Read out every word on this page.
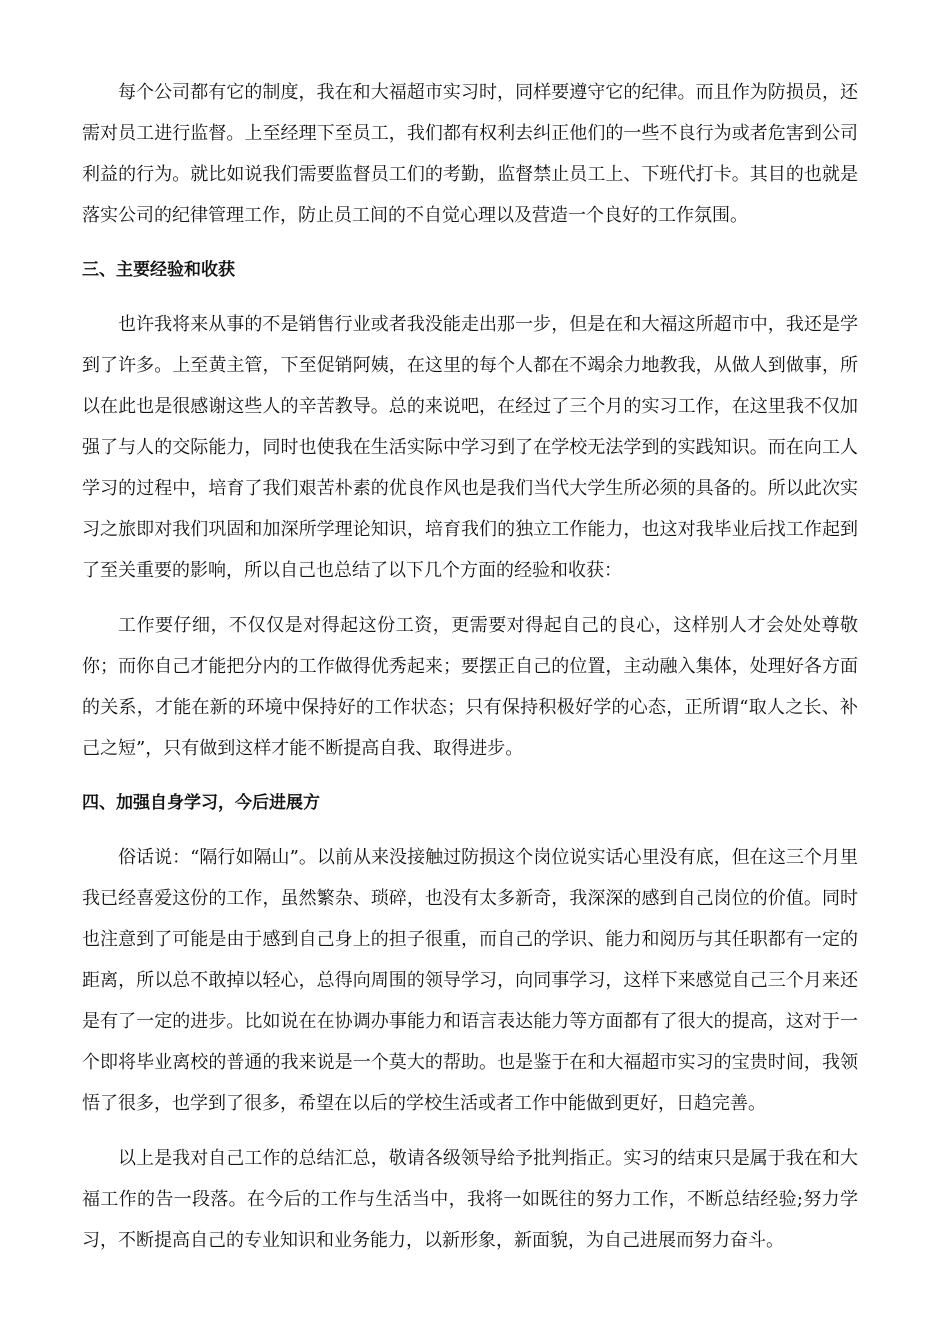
每个公司都有它的制度，我在和大福超市实习时，同样要遵守它的纪律。而且作为防损员，还需对员工进行监督。上至经理下至员工，我们都有权利去纠正他们的一些不良行为或者危害到公司利益的行为。就比如说我们需要监督员工们的考勤，监督禁止员工上、下班代打卡。其目的也就是落实公司的纪律管理工作，防止员工间的不自觉心理以及营造一个良好的工作氛围。

三、主要经验和收获

也许我将来从事的不是销售行业或者我没能走出那一步，但是在和大福这所超市中，我还是学到了许多。上至黄主管，下至促销阿姨，在这里的每个人都在不竭余力地教我，从做人到做事，所以在此也是很感谢这些人的辛苦教导。总的来说吧，在经过了三个月的实习工作，在这里我不仅加强了与人的交际能力，同时也使我在生活实际中学习到了在学校无法学到的实践知识。而在向工人学习的过程中，培育了我们艰苦朴素的优良作风也是我们当代大学生所必须的具备的。所以此次实习之旅即对我们巩固和加深所学理论知识，培育我们的独立工作能力，也这对我毕业后找工作起到了至关重要的影响，所以自己也总结了以下几个方面的经验和收获：

工作要仔细，不仅仅是对得起这份工资，更需要对得起自己的良心，这样别人才会处处尊敬你；而你自己才能把分内的工作做得优秀起来；要摆正自己的位置，主动融入集体，处理好各方面的关系，才能在新的环境中保持好的工作状态；只有保持积极好学的心态，正所谓“取人之长、补己之短”，只有做到这样才能不断提高自我、取得进步。

四、加强自身学习，今后进展方

俗话说：“隔行如隔山”。以前从来没接触过防损这个岗位说实话心里没有底，但在这三个月里我已经喜爱这份的工作，虽然繁杂、琐碎，也没有太多新奇，我深深的感到自己岗位的价值。同时也注意到了可能是由于感到自己身上的担子很重，而自己的学识、能力和阅历与其任职都有一定的距离，所以总不敢掉以轻心，总得向周围的领导学习，向同事学习，这样下来感觉自己三个月来还是有了一定的进步。比如说在在协调办事能力和语言表达能力等方面都有了很大的提高，这对于一个即将毕业离校的普通的我来说是一个莫大的帮助。也是鉴于在和大福超市实习的宝贵时间，我领悟了很多，也学到了很多，希望在以后的学校生活或者工作中能做到更好，日趋完善。

以上是我对自己工作的总结汇总，敬请各级领导给予批判指正。实习的结束只是属于我在和大福工作的告一段落。在今后的工作与生活当中，我将一如既往的努力工作，不断总结经验;努力学习，不断提高自己的专业知识和业务能力，以新形象，新面貌，为自己进展而努力奋斗。
